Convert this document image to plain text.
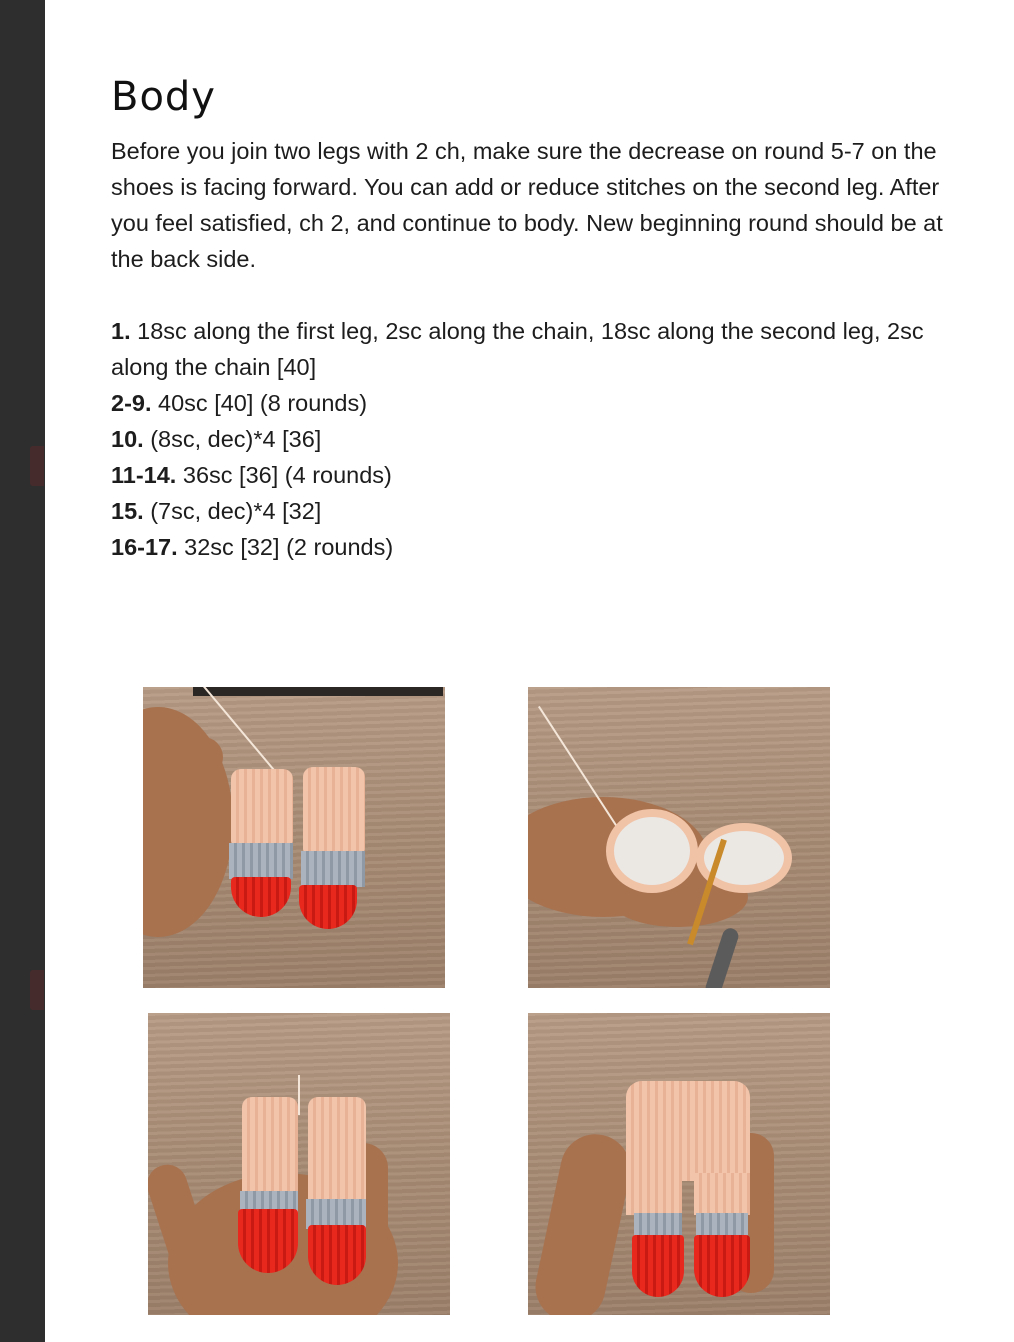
Body

Before you join two legs with 2 ch, make sure the decrease on round 5-7 on the shoes is facing forward. You can add or reduce stitches on the second leg. After you feel satisfied, ch 2, and continue to body. New beginning round should be at the back side.

1. 18sc along the first leg, 2sc along the chain, 18sc along the second leg, 2sc along the chain [40]
2-9. 40sc [40] (8 rounds)
10. (8sc, dec)*4 [36]
11-14. 36sc [36] (4 rounds)
15. (7sc, dec)*4 [32]
16-17. 32sc [32] (2 rounds)
